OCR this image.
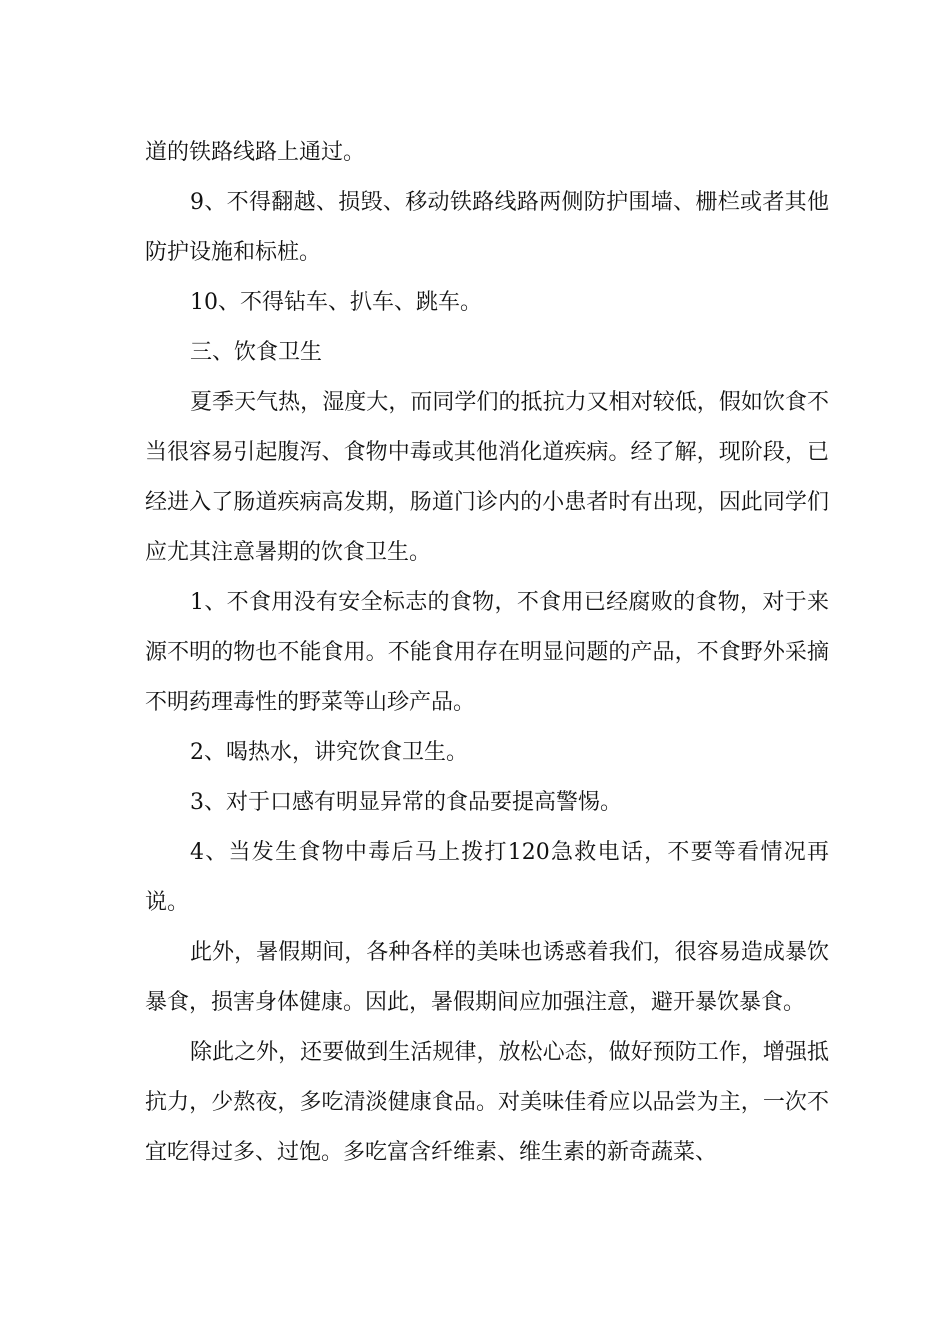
道的铁路线路上通过。

9、不得翻越、损毁、移动铁路线路两侧防护围墙、栅栏或者其他防护设施和标桩。

10、不得钻车、扒车、跳车。

三、饮食卫生

夏季天气热，湿度大，而同学们的抵抗力又相对较低，假如饮食不当很容易引起腹泻、食物中毒或其他消化道疾病。经了解，现阶段，已经进入了肠道疾病高发期，肠道门诊内的小患者时有出现，因此同学们应尤其注意暑期的饮食卫生。

1、不食用没有安全标志的食物，不食用已经腐败的食物，对于来源不明的物也不能食用。不能食用存在明显问题的产品，不食野外采摘不明药理毒性的野菜等山珍产品。

2、喝热水，讲究饮食卫生。

3、对于口感有明显异常的食品要提高警惕。

4、当发生食物中毒后马上拨打120急救电话，不要等看情况再说。

此外，暑假期间，各种各样的美味也诱惑着我们，很容易造成暴饮暴食，损害身体健康。因此，暑假期间应加强注意，避开暴饮暴食。

除此之外，还要做到生活规律，放松心态，做好预防工作，增强抵抗力，少熬夜，多吃清淡健康食品。对美味佳肴应以品尝为主，一次不宜吃得过多、过饱。多吃富含纤维素、维生素的新奇蔬菜、
